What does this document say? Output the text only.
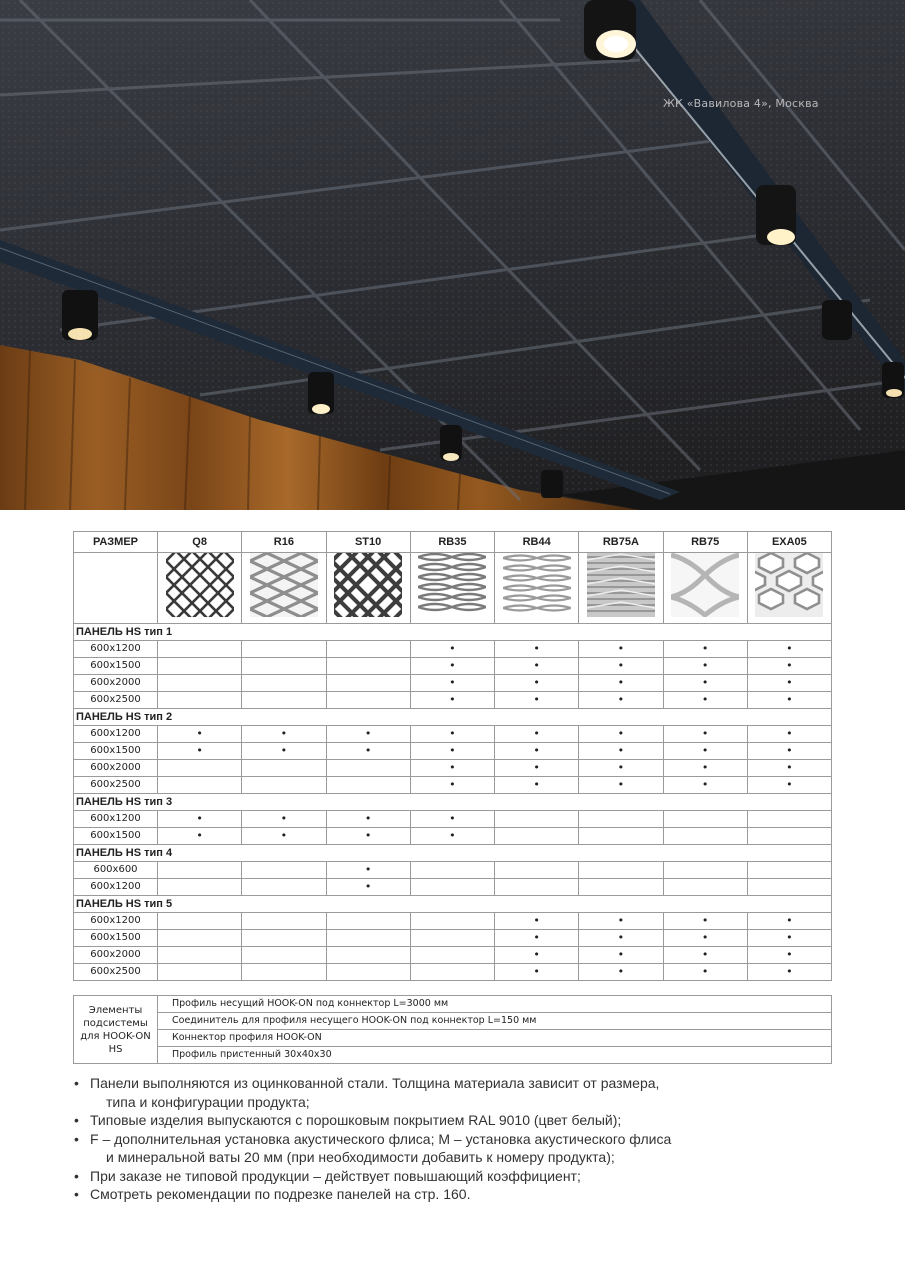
ЖК «Вавилова 4», Москва
РАЗМЕР	Q8	R16	ST10	RB35	RB44	RB75A	RB75	EXA05

ПАНЕЛЬ HS тип 1								
600x1200				•	•	•	•	•
600x1500				•	•	•	•	•
600x2000				•	•	•	•	•
600x2500				•	•	•	•	•
ПАНЕЛЬ HS тип 2								
600x1200	•	•	•	•	•	•	•	•
600x1500	•	•	•	•	•	•	•	•
600x2000				•	•	•	•	•
600x2500				•	•	•	•	•
ПАНЕЛЬ HS тип 3								
600x1200	•	•	•	•				
600x1500	•	•	•	•				
ПАНЕЛЬ HS тип 4								
600x600			•					
600x1200			•					
ПАНЕЛЬ HS тип 5								
600x1200					•	•	•	•
600x1500					•	•	•	•
600x2000					•	•	•	•
600x2500					•	•	•	•
Элементы подсистемы для HOOK-ON HS	Профиль несущий HOOK-ON под коннектор L=3000 мм
Соединитель для профиля несущего HOOK-ON под коннектор L=150 мм
Коннектор профиля HOOK-ON
Профиль пристенный 30х40х30
• Панели выполняются из оцинкованной стали. Толщина материала зависит от размера,
типа и конфигурации продукта;
• Типовые изделия выпускаются с порошковым покрытием RAL 9010 (цвет белый);
• F – дополнительная установка акустического флиса; М – установка акустического флиса
и минеральной ваты 20 мм (при необходимости добавить к номеру продукта);
• При заказе не типовой продукции – действует повышающий коэффициент;
• Смотреть рекомендации по подрезке панелей на стр. 160.
